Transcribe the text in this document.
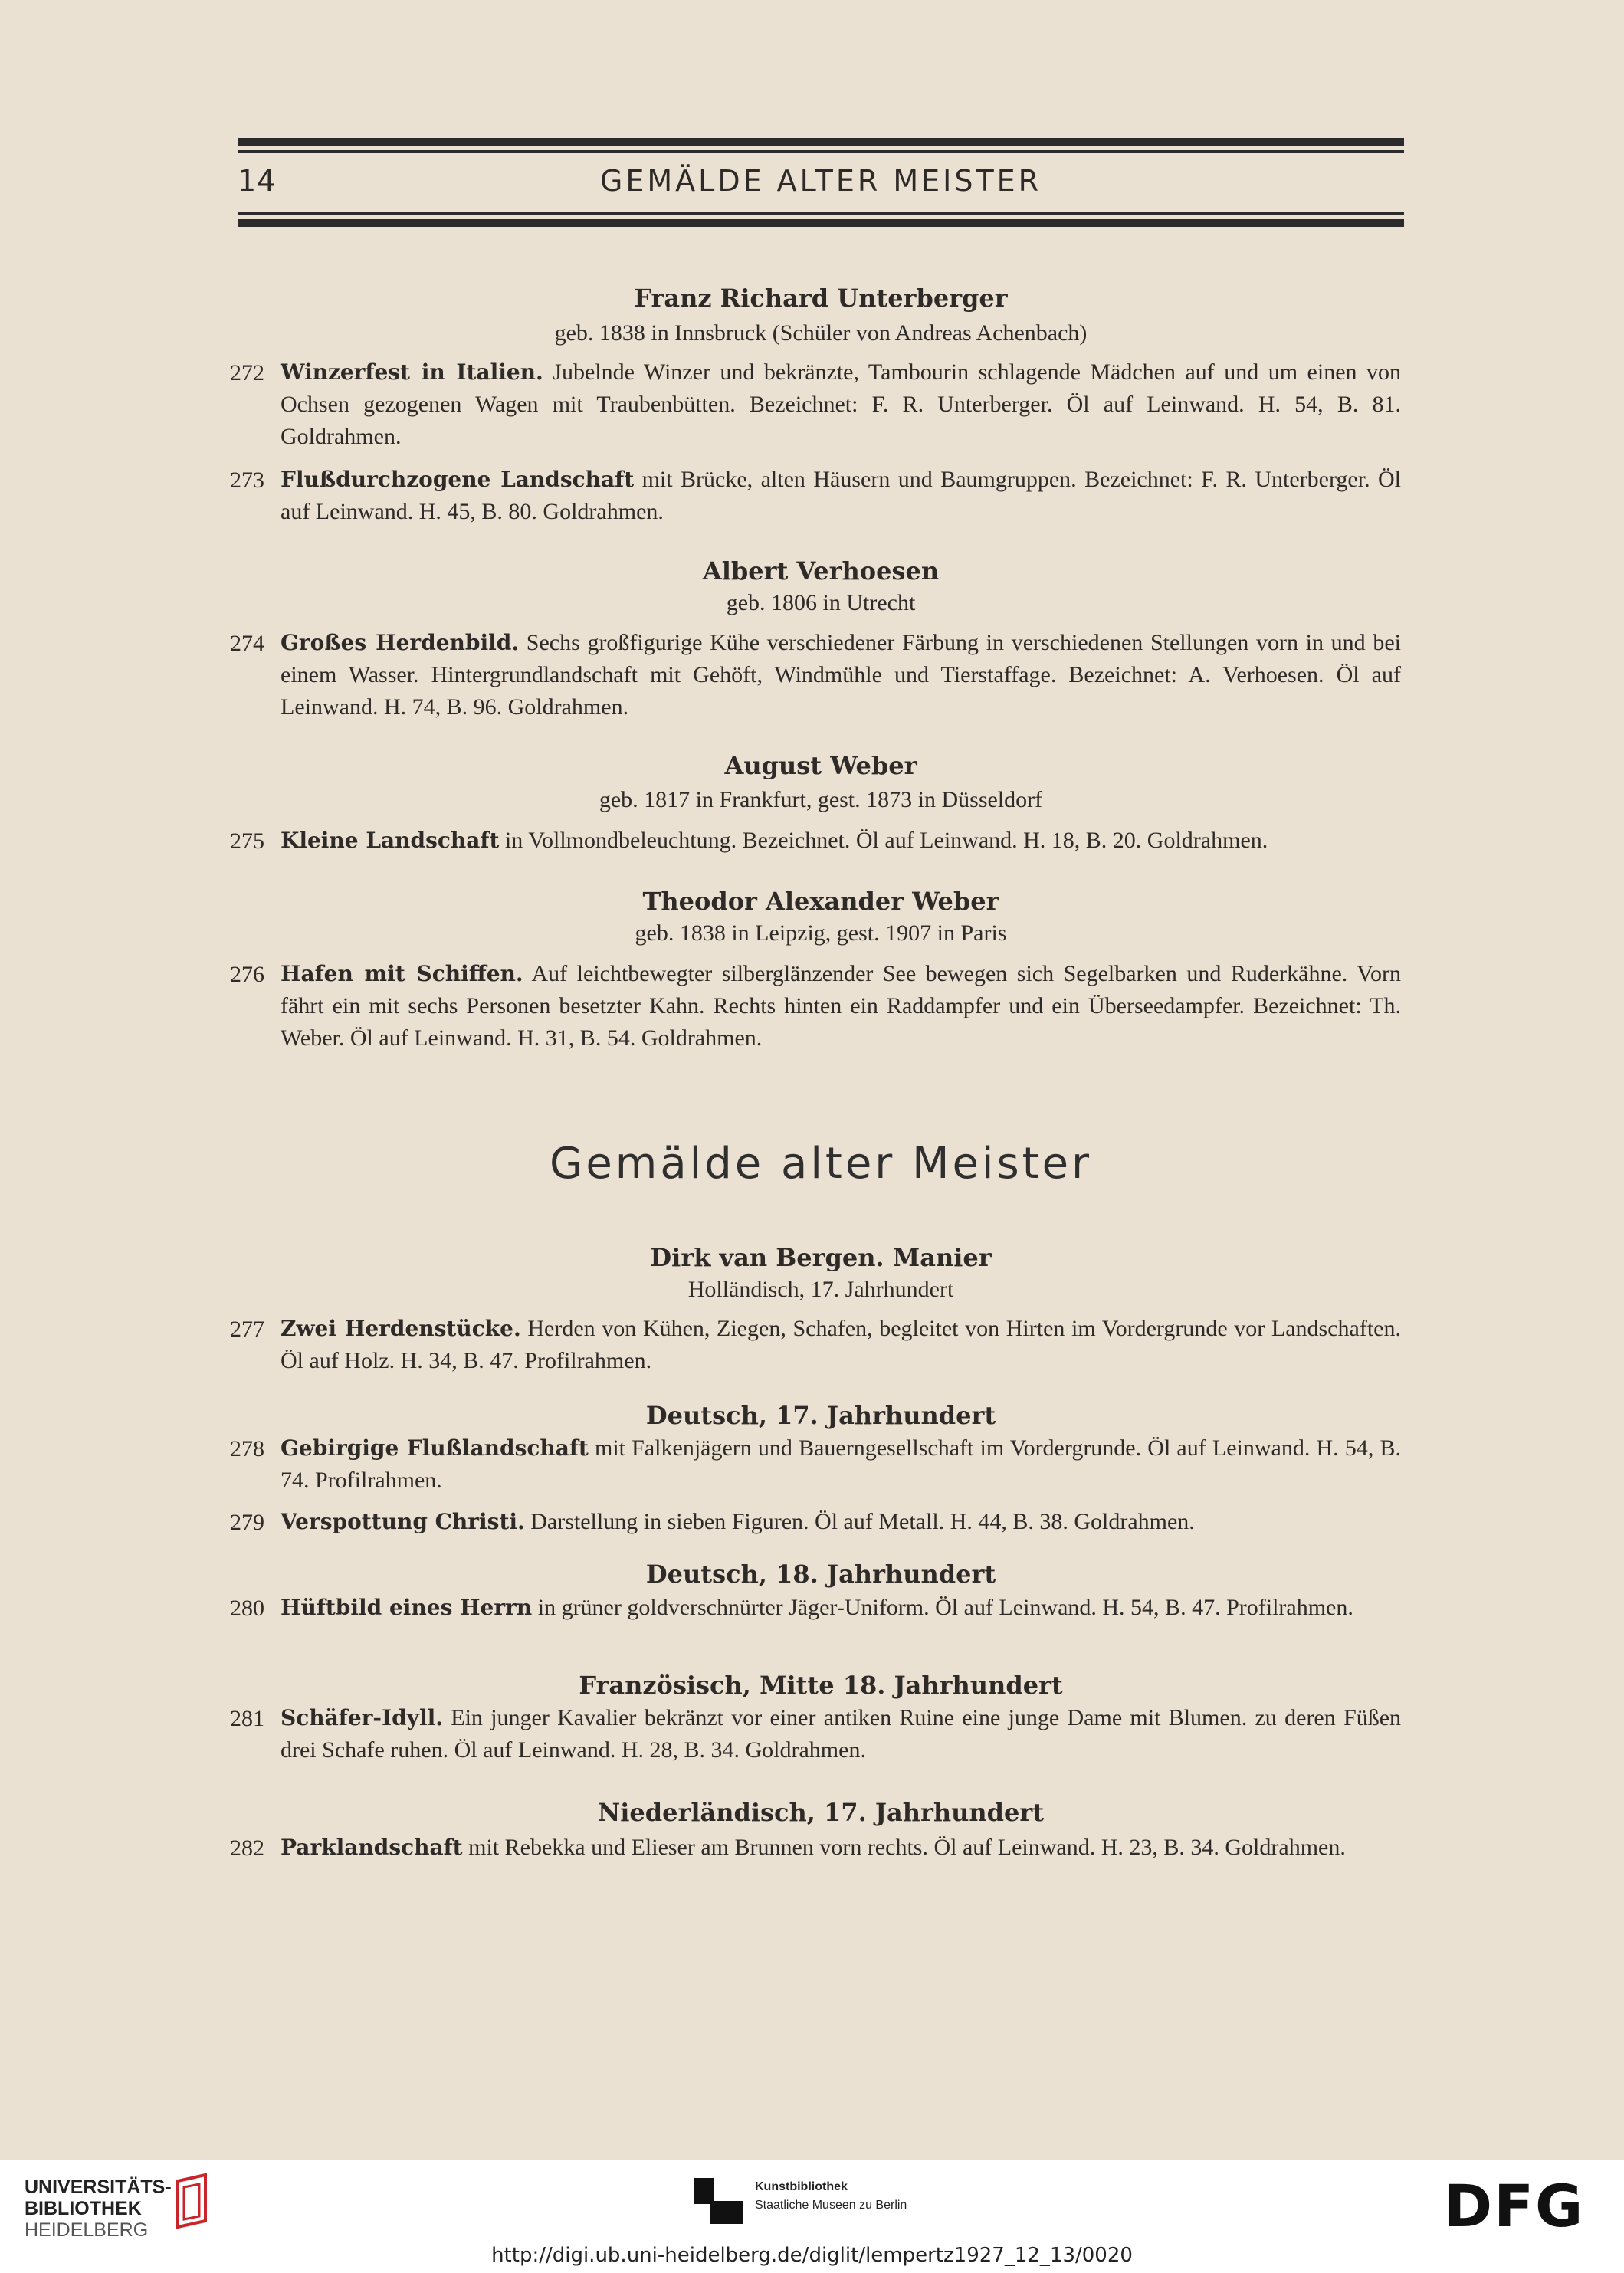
14	GEMÄLDE ALTER MEISTER
Franz Richard Unterberger
geb. 1838 in Innsbruck (Schüler von Andreas Achenbach)
272 Winzerfest in Italien. Jubelnde Winzer und bekränzte, Tambourin schlagende Mädchen auf und um einen von Ochsen gezogenen Wagen mit Traubenbütten. Bezeichnet: F. R. Unterberger. Öl auf Leinwand. H. 54, B. 81. Goldrahmen.
273 Flußdurchzogene Landschaft mit Brücke, alten Häusern und Baumgruppen. Bezeichnet: F. R. Unterberger. Öl auf Leinwand. H. 45, B. 80. Goldrahmen.
Albert Verhoesen
geb. 1806 in Utrecht
274 Großes Herdenbild. Sechs großfigurige Kühe verschiedener Färbung in verschiedenen Stellungen vorn in und bei einem Wasser. Hintergrundlandschaft mit Gehöft, Windmühle und Tierstaffage. Bezeichnet: A. Verhoesen. Öl auf Leinwand. H. 74, B. 96. Goldrahmen.
August Weber
geb. 1817 in Frankfurt, gest. 1873 in Düsseldorf
275 Kleine Landschaft in Vollmondbeleuchtung. Bezeichnet. Öl auf Leinwand. H. 18, B. 20. Goldrahmen.
Theodor Alexander Weber
geb. 1838 in Leipzig, gest. 1907 in Paris
276 Hafen mit Schiffen. Auf leichtbewegter silberglänzender See bewegen sich Segelbarken und Ruderkähne. Vorn fährt ein mit sechs Personen besetzter Kahn. Rechts hinten ein Raddampfer und ein Überseedampfer. Bezeichnet: Th. Weber. Öl auf Leinwand. H. 31, B. 54. Goldrahmen.
Gemälde alter Meister
Dirk van Bergen. Manier
Holländisch, 17. Jahrhundert
277 Zwei Herdenstücke. Herden von Kühen, Ziegen, Schafen, begleitet von Hirten im Vordergrunde vor Landschaften. Öl auf Holz. H. 34, B. 47. Profilrahmen.
Deutsch, 17. Jahrhundert
278 Gebirgige Flußlandschaft mit Falkenjägern und Bauerngesellschaft im Vordergrunde. Öl auf Leinwand. H. 54, B. 74. Profilrahmen.
279 Verspottung Christi. Darstellung in sieben Figuren. Öl auf Metall. H. 44, B. 38. Goldrahmen.
Deutsch, 18. Jahrhundert
280 Hüftbild eines Herrn in grüner goldverschnürter Jäger-Uniform. Öl auf Leinwand. H. 54, B. 47. Profilrahmen.
Französisch, Mitte 18. Jahrhundert
281 Schäfer-Idyll. Ein junger Kavalier bekränzt vor einer antiken Ruine eine junge Dame mit Blumen. zu deren Füßen drei Schafe ruhen. Öl auf Leinwand. H. 28, B. 34. Goldrahmen.
Niederländisch, 17. Jahrhundert
282 Parklandschaft mit Rebekka und Elieser am Brunnen vorn rechts. Öl auf Leinwand. H. 23, B. 34. Goldrahmen.
UNIVERSITÄTS-
BIBLIOTHEK
HEIDELBERG
Kunstbibliothek
Staatliche Museen zu Berlin	DFG
http://digi.ub.uni-heidelberg.de/diglit/lempertz1927_12_13/0020
